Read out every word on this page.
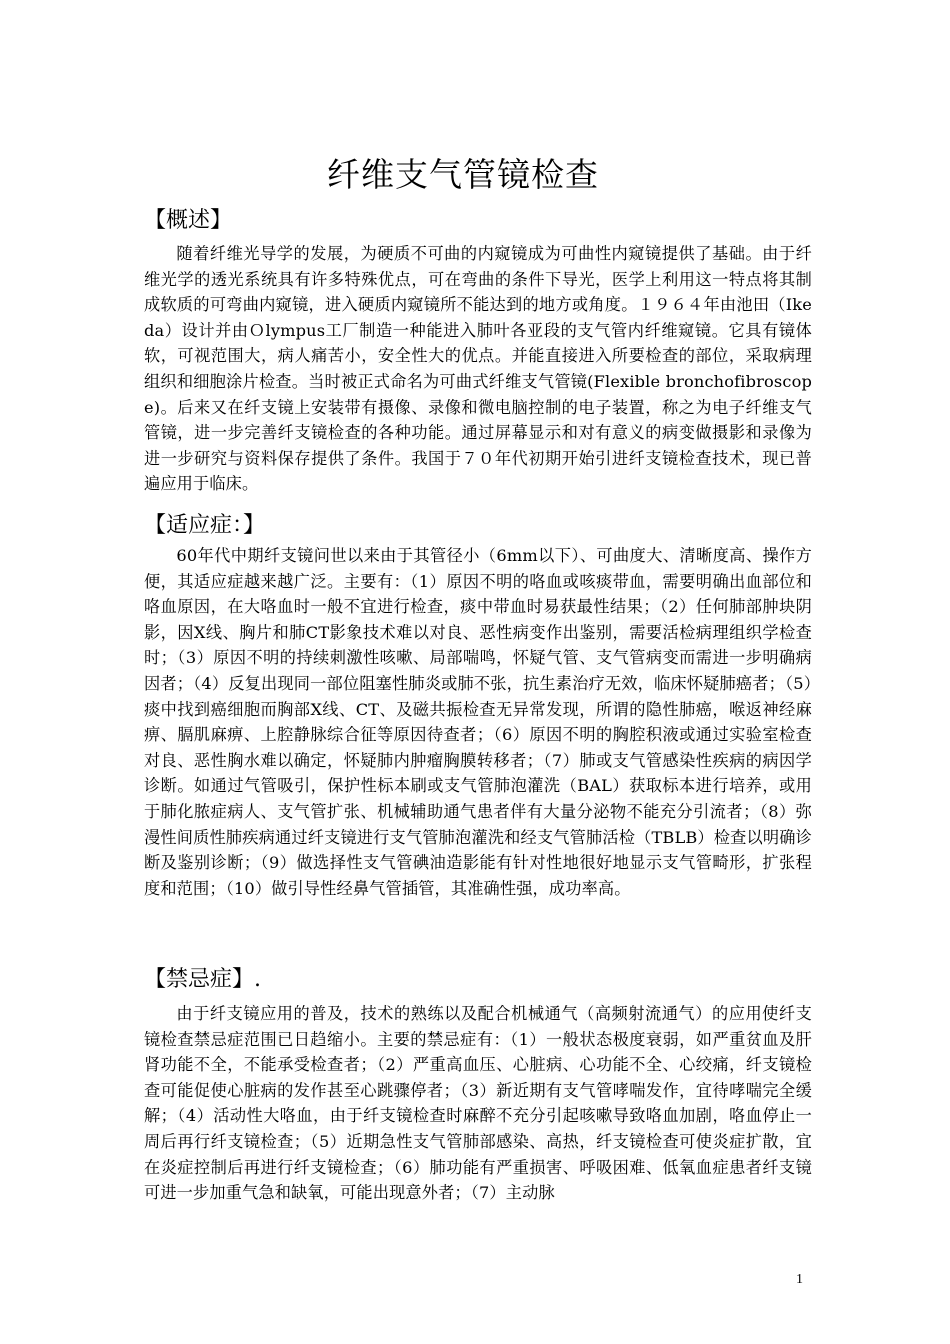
纤维支气管镜检查
【概述】

随着纤维光导学的发展，为硬质不可曲的内窥镜成为可曲性内窥镜提供了基础。由于纤维光学的透光系统具有许多特殊优点，可在弯曲的条件下导光，医学上利用这一特点将其制成软质的可弯曲内窥镜，进入硬质内窥镜所不能达到的地方或角度。１９６４年由池田（Ikeda）设计并由Ｏlympus工厂制造一种能进入肺叶各亚段的支气管内纤维窥镜。它具有镜体软，可视范围大，病人痛苦小，安全性大的优点。并能直接进入所要检查的部位，采取病理组织和细胞涂片检查。当时被正式命名为可曲式纤维支气管镜(Flexible bronchofibroscope)。后来又在纤支镜上安装带有摄像、录像和微电脑控制的电子装置，称之为电子纤维支气管镜，进一步完善纤支镜检查的各种功能。通过屏幕显示和对有意义的病变做摄影和录像为进一步研究与资料保存提供了条件。我国于７０年代初期开始引进纤支镜检查技术，现已普遍应用于临床。

【适应症：】

60年代中期纤支镜问世以来由于其管径小（6mm以下）、可曲度大、清晰度高、操作方便，其适应症越来越广泛。主要有：（1）原因不明的咯血或咳痰带血，需要明确出血部位和咯血原因，在大咯血时一般不宜进行检查，痰中带血时易获最性结果；（2）任何肺部肿块阴影，因X线、胸片和肺CT影象技术难以对良、恶性病变作出鉴别，需要活检病理组织学检查时；（3）原因不明的持续刺激性咳嗽、局部喘鸣，怀疑气管、支气管病变而需进一步明确病因者；（4）反复出现同一部位阻塞性肺炎或肺不张，抗生素治疗无效，临床怀疑肺癌者；（5）痰中找到癌细胞而胸部X线、CT、及磁共振检查无异常发现，所谓的隐性肺癌，喉返神经麻痹、膈肌麻痹、上腔静脉综合征等原因待查者；（6）原因不明的胸腔积液或通过实验室检查对良、恶性胸水难以确定，怀疑肺内肿瘤胸膜转移者；（7）肺或支气管感染性疾病的病因学诊断。如通过气管吸引，保护性标本刷或支气管肺泡灌洗（BAL）获取标本进行培养，或用于肺化脓症病人、支气管扩张、机械辅助通气患者伴有大量分泌物不能充分引流者；（8）弥漫性间质性肺疾病通过纤支镜进行支气管肺泡灌洗和经支气管肺活检（TBLB）检查以明确诊断及鉴别诊断；（9）做选择性支气管碘油造影能有针对性地很好地显示支气管畸形，扩张程度和范围；（10）做引导性经鼻气管插管，其准确性强，成功率高。

【禁忌症】.

由于纤支镜应用的普及，技术的熟练以及配合机械通气（高频射流通气）的应用使纤支镜检查禁忌症范围已日趋缩小。主要的禁忌症有：（1）一般状态极度衰弱，如严重贫血及肝肾功能不全，不能承受检查者；（2）严重高血压、心脏病、心功能不全、心绞痛，纤支镜检查可能促使心脏病的发作甚至心跳骤停者；（3）新近期有支气管哮喘发作，宜待哮喘完全缓解；（4）活动性大咯血，由于纤支镜检查时麻醉不充分引起咳嗽导致咯血加剧，咯血停止一周后再行纤支镜检查；（5）近期急性支气管肺部感染、高热，纤支镜检查可使炎症扩散，宜在炎症控制后再进行纤支镜检查；（6）肺功能有严重损害、呼吸困难、低氧血症患者纤支镜可进一步加重气急和缺氧，可能出现意外者；（7）主动脉

1
